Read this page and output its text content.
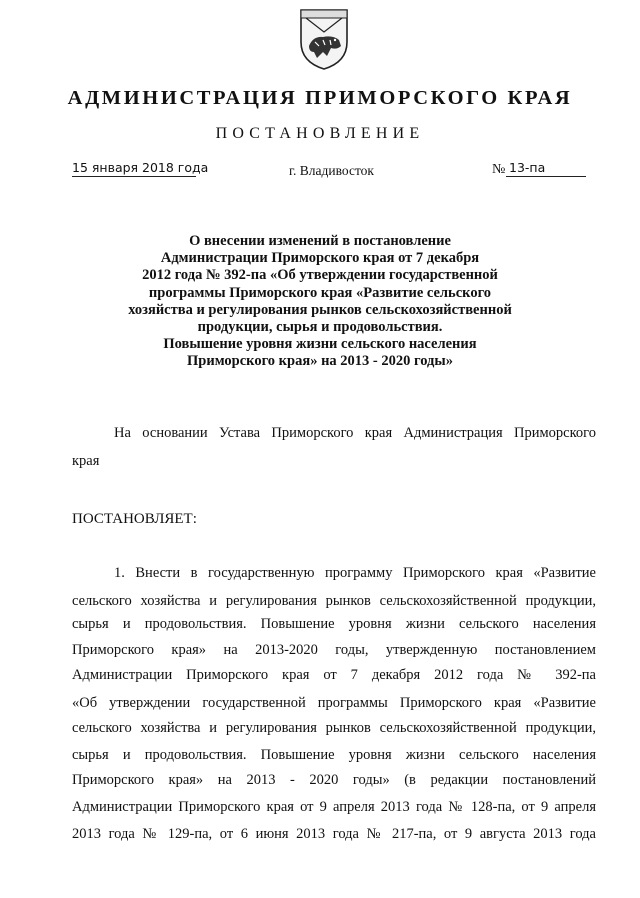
АДМИНИСТРАЦИЯ ПРИМОРСКОГО КРАЯ
ПОСТАНОВЛЕНИЕ
15 января 2018 года	г. Владивосток	№ 13-па
О внесении изменений в постановление
Администрации Приморского края от 7 декабря
2012 года № 392-па «Об утверждении государственной
программы Приморского края «Развитие сельского
хозяйства и регулирования рынков сельскохозяйственной
продукции, сырья и продовольствия.
Повышение уровня жизни сельского населения
Приморского края» на 2013 - 2020 годы»
На основании Устава Приморского края Администрация Приморского
края
ПОСТАНОВЛЯЕТ:
1. Внести в государственную программу Приморского края «Развитие
сельского хозяйства и регулирования рынков сельскохозяйственной продукции,
сырья и продовольствия. Повышение уровня жизни сельского населения
Приморского края» на 2013-2020 годы, утвержденную постановлением
Администрации Приморского края от 7 декабря 2012 года № 392-па
«Об утверждении государственной программы Приморского края «Развитие
сельского хозяйства и регулирования рынков сельскохозяйственной продукции,
сырья и продовольствия. Повышение уровня жизни сельского населения
Приморского края» на 2013 - 2020 годы» (в редакции постановлений
Администрации Приморского края от 9 апреля 2013 года № 128-па, от 9 апреля
2013 года № 129-па, от 6 июня 2013 года № 217-па, от 9 августа 2013 года
